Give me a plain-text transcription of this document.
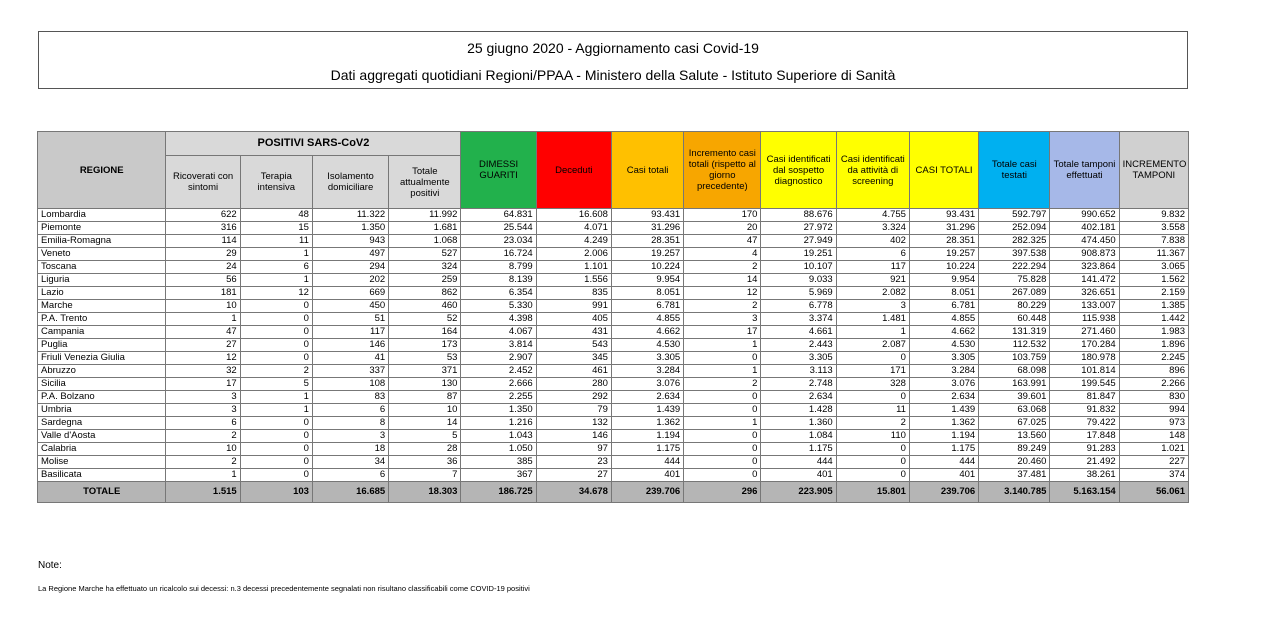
25 giugno 2020 - Aggiornamento casi Covid-19
Dati aggregati quotidiani Regioni/PPAA - Ministero della Salute - Istituto Superiore di Sanità
REGIONE	POSITIVI SARS-CoV2				DIMESSI GUARITI	Deceduti	Casi totali	Incremento casi totali (rispetto al giorno precedente)	Casi identificati dal sospetto diagnostico	Casi identificati da attività di screening	CASI TOTALI	Totale casi testati	Totale tamponi effettuati	INCREMENTO TAMPONI
	Ricoverati con sintomi	Terapia intensiva	Isolamento domiciliare	Totale attualmente positivi										
Lombardia	622	48	11.322	11.992	64.831	16.608	93.431	170	88.676	4.755	93.431	592.797	990.652	9.832
Piemonte	316	15	1.350	1.681	25.544	4.071	31.296	20	27.972	3.324	31.296	252.094	402.181	3.558
Emilia-Romagna	114	11	943	1.068	23.034	4.249	28.351	47	27.949	402	28.351	282.325	474.450	7.838
Veneto	29	1	497	527	16.724	2.006	19.257	4	19.251	6	19.257	397.538	908.873	11.367
Toscana	24	6	294	324	8.799	1.101	10.224	2	10.107	117	10.224	222.294	323.864	3.065
Liguria	56	1	202	259	8.139	1.556	9.954	14	9.033	921	9.954	75.828	141.472	1.562
Lazio	181	12	669	862	6.354	835	8.051	12	5.969	2.082	8.051	267.089	326.651	2.159
Marche	10	0	450	460	5.330	991	6.781	2	6.778	3	6.781	80.229	133.007	1.385
P.A. Trento	1	0	51	52	4.398	405	4.855	3	3.374	1.481	4.855	60.448	115.938	1.442
Campania	47	0	117	164	4.067	431	4.662	17	4.661	1	4.662	131.319	271.460	1.983
Puglia	27	0	146	173	3.814	543	4.530	1	2.443	2.087	4.530	112.532	170.284	1.896
Friuli Venezia Giulia	12	0	41	53	2.907	345	3.305	0	3.305	0	3.305	103.759	180.978	2.245
Abruzzo	32	2	337	371	2.452	461	3.284	1	3.113	171	3.284	68.098	101.814	896
Sicilia	17	5	108	130	2.666	280	3.076	2	2.748	328	3.076	163.991	199.545	2.266
P.A. Bolzano	3	1	83	87	2.255	292	2.634	0	2.634	0	2.634	39.601	81.847	830
Umbria	3	1	6	10	1.350	79	1.439	0	1.428	11	1.439	63.068	91.832	994
Sardegna	6	0	8	14	1.216	132	1.362	1	1.360	2	1.362	67.025	79.422	973
Valle d'Aosta	2	0	3	5	1.043	146	1.194	0	1.084	110	1.194	13.560	17.848	148
Calabria	10	0	18	28	1.050	97	1.175	0	1.175	0	1.175	89.249	91.283	1.021
Molise	2	0	34	36	385	23	444	0	444	0	444	20.460	21.492	227
Basilicata	1	0	6	7	367	27	401	0	401	0	401	37.481	38.261	374
TOTALE	1.515	103	16.685	18.303	186.725	34.678	239.706	296	223.905	15.801	239.706	3.140.785	5.163.154	56.061
Note:
La Regione Marche ha effettuato un ricalcolo sui decessi: n.3 decessi precedentemente segnalati non risultano classificabili come COVID-19 positivi
